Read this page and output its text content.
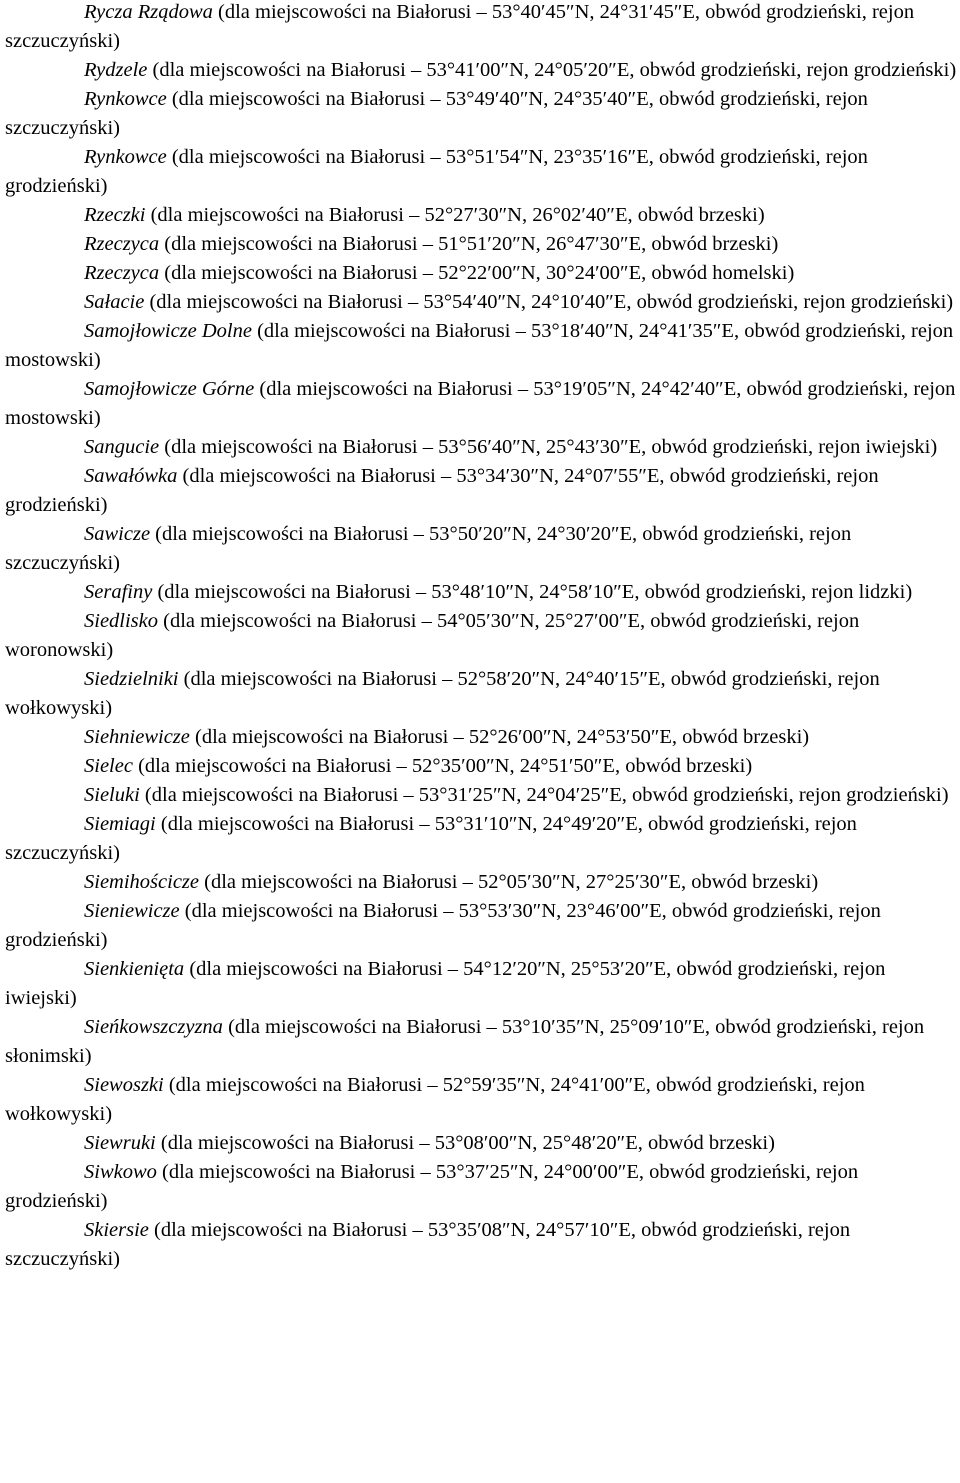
Rycza Rządowa (dla miejscowości na Białorusi – 53°40′45″N, 24°31′45″E, obwód grodzieński, rejon szczuczyński)

Rydzele (dla miejscowości na Białorusi – 53°41′00″N, 24°05′20″E, obwód grodzieński, rejon grodzieński)

Rynkowce (dla miejscowości na Białorusi – 53°49′40″N, 24°35′40″E, obwód grodzieński, rejon szczuczyński)

Rynkowce (dla miejscowości na Białorusi – 53°51′54″N, 23°35′16″E, obwód grodzieński, rejon grodzieński)

Rzeczki (dla miejscowości na Białorusi – 52°27′30″N, 26°02′40″E, obwód brzeski)

Rzeczyca (dla miejscowości na Białorusi – 51°51′20″N, 26°47′30″E, obwód brzeski)

Rzeczyca (dla miejscowości na Białorusi – 52°22′00″N, 30°24′00″E, obwód homelski)

Sałacie (dla miejscowości na Białorusi – 53°54′40″N, 24°10′40″E, obwód grodzieński, rejon grodzieński)

Samojłowicze Dolne (dla miejscowości na Białorusi – 53°18′40″N, 24°41′35″E, obwód grodzieński, rejon mostowski)

Samojłowicze Górne (dla miejscowości na Białorusi – 53°19′05″N, 24°42′40″E, obwód grodzieński, rejon mostowski)

Sangucie (dla miejscowości na Białorusi – 53°56′40″N, 25°43′30″E, obwód grodzieński, rejon iwiejski)

Sawałówka (dla miejscowości na Białorusi – 53°34′30″N, 24°07′55″E, obwód grodzieński, rejon grodzieński)

Sawicze (dla miejscowości na Białorusi – 53°50′20″N, 24°30′20″E, obwód grodzieński, rejon szczuczyński)

Serafiny (dla miejscowości na Białorusi – 53°48′10″N, 24°58′10″E, obwód grodzieński, rejon lidzki)

Siedlisko (dla miejscowości na Białorusi – 54°05′30″N, 25°27′00″E, obwód grodzieński, rejon woronowski)

Siedzielniki (dla miejscowości na Białorusi – 52°58′20″N, 24°40′15″E, obwód grodzieński, rejon wołkowyski)

Siehniewicze (dla miejscowości na Białorusi – 52°26′00″N, 24°53′50″E, obwód brzeski)

Sielec (dla miejscowości na Białorusi – 52°35′00″N, 24°51′50″E, obwód brzeski)

Sieluki (dla miejscowości na Białorusi – 53°31′25″N, 24°04′25″E, obwód grodzieński, rejon grodzieński)

Siemiagi (dla miejscowości na Białorusi – 53°31′10″N, 24°49′20″E, obwód grodzieński, rejon szczuczyński)

Siemihościcze (dla miejscowości na Białorusi – 52°05′30″N, 27°25′30″E, obwód brzeski)

Sieniewicze (dla miejscowości na Białorusi – 53°53′30″N, 23°46′00″E, obwód grodzieński, rejon grodzieński)

Sienkienięta (dla miejscowości na Białorusi – 54°12′20″N, 25°53′20″E, obwód grodzieński, rejon iwiejski)

Sieńkowszczyzna (dla miejscowości na Białorusi – 53°10′35″N, 25°09′10″E, obwód grodzieński, rejon słonimski)

Siewoszki (dla miejscowości na Białorusi – 52°59′35″N, 24°41′00″E, obwód grodzieński, rejon wołkowyski)

Siewruki (dla miejscowości na Białorusi – 53°08′00″N, 25°48′20″E, obwód brzeski)

Siwkowo (dla miejscowości na Białorusi – 53°37′25″N, 24°00′00″E, obwód grodzieński, rejon grodzieński)

Skiersie (dla miejscowości na Białorusi – 53°35′08″N, 24°57′10″E, obwód grodzieński, rejon szczuczyński)
